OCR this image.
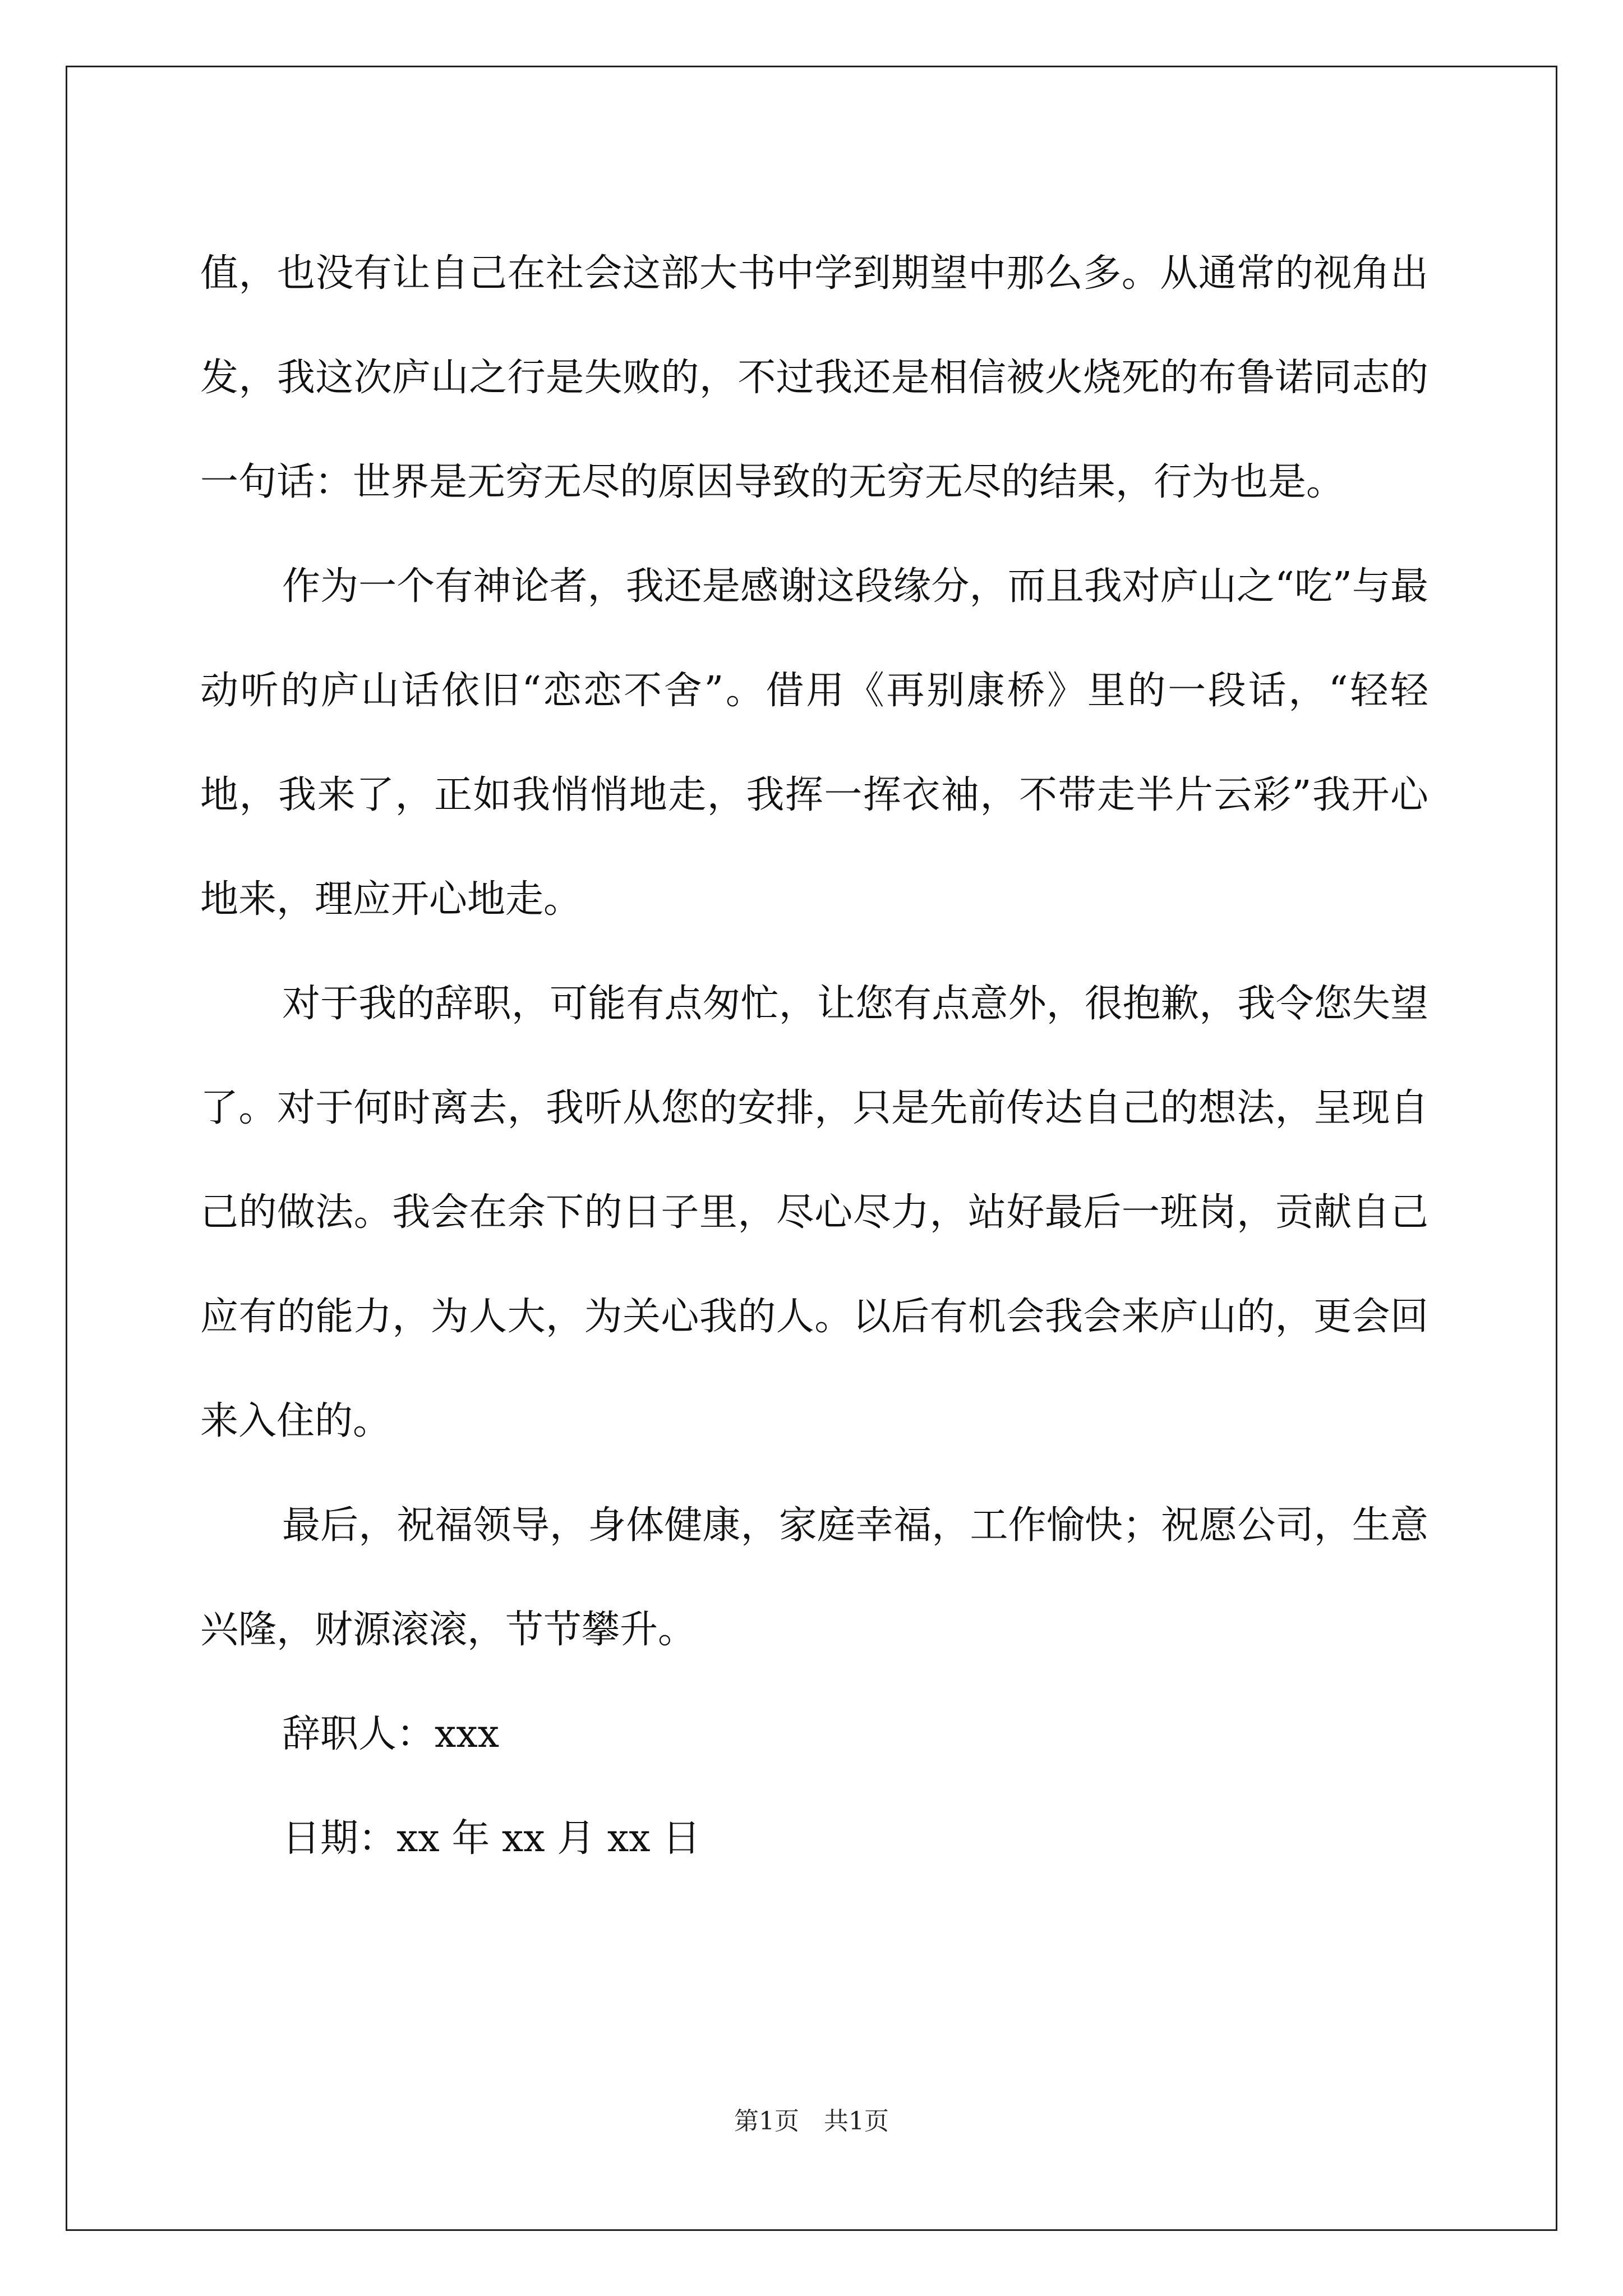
值，也没有让自己在社会这部大书中学到期望中那么多。从通常的视角出发，我这次庐山之行是失败的，不过我还是相信被火烧死的布鲁诺同志的一句话：世界是无穷无尽的原因导致的无穷无尽的结果，行为也是。

作为一个有神论者，我还是感谢这段缘分，而且我对庐山之“吃”与最动听的庐山话依旧“恋恋不舍”。借用《再别康桥》里的一段话，“轻轻地，我来了，正如我悄悄地走，我挥一挥衣袖，不带走半片云彩”我开心地来，理应开心地走。

对于我的辞职，可能有点匆忙，让您有点意外，很抱歉，我令您失望了。对于何时离去，我听从您的安排，只是先前传达自己的想法，呈现自己的做法。我会在余下的日子里，尽心尽力，站好最后一班岗，贡献自己应有的能力，为人大，为关心我的人。以后有机会我会来庐山的，更会回来入住的。

最后，祝福领导，身体健康，家庭幸福，工作愉快；祝愿公司，生意兴隆，财源滚滚，节节攀升。

辞职人：xxx

日期：xx 年 xx 月 xx 日

第1页　共1页
